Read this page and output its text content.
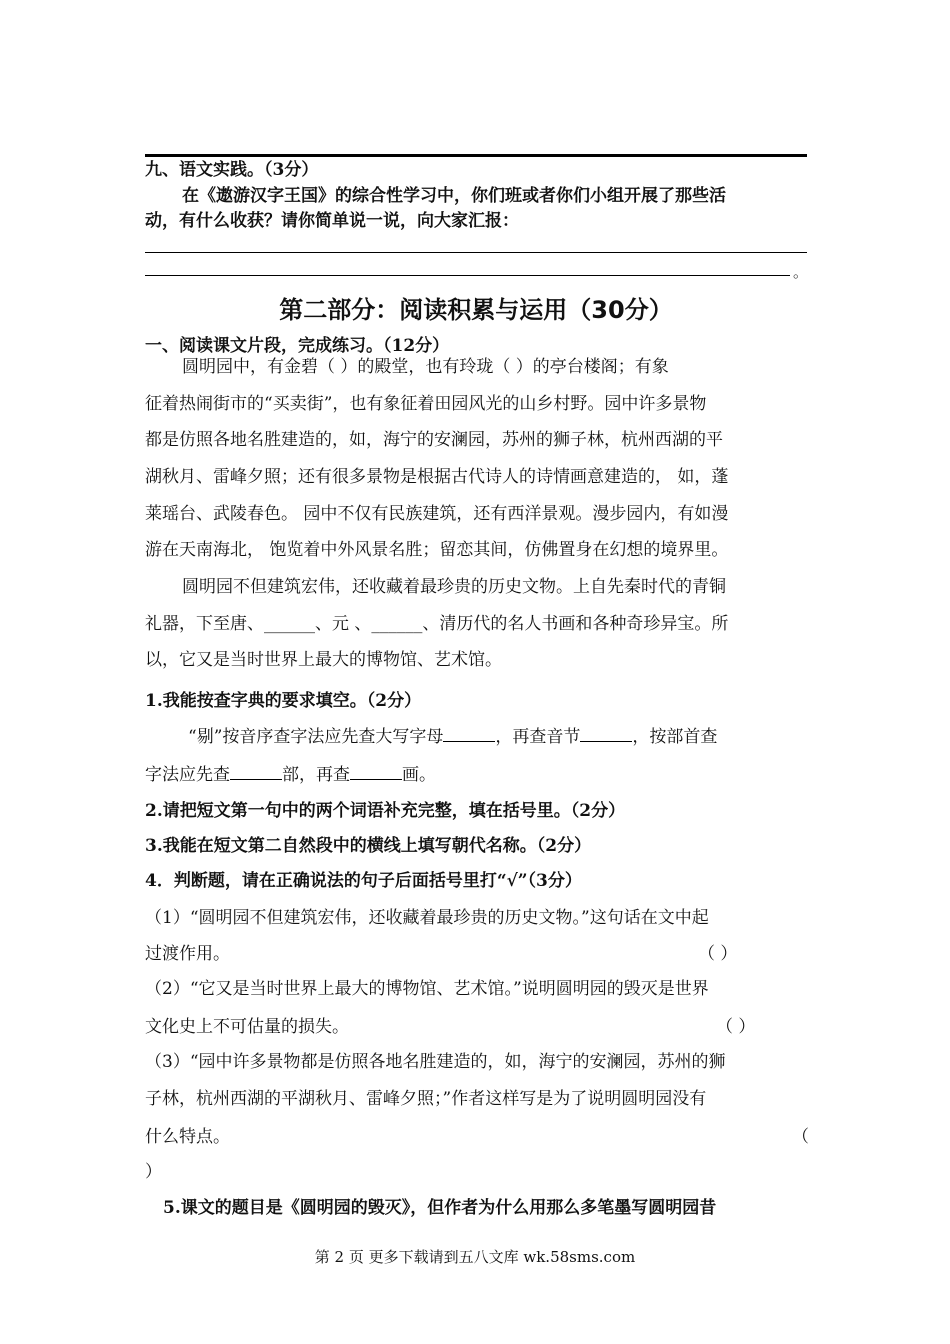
九、语文实践。（3分）
在《遨游汉字王国》的综合性学习中，你们班或者你们小组开展了那些活
动，有什么收获？请你简单说一说，向大家汇报：
。
第二部分：阅读积累与运用（30分）
一、阅读课文片段，完成练习。（12分）
圆明园中，有金碧（ ）的殿堂，也有玲珑（ ）的亭台楼阁；有象
征着热闹街市的“买卖街”，也有象征着田园风光的山乡村野。园中许多景物
都是仿照各地名胜建造的，如，海宁的安澜园，苏州的狮子林，杭州西湖的平
湖秋月、雷峰夕照；还有很多景物是根据古代诗人的诗情画意建造的， 如，蓬
莱瑶台、武陵春色。 园中不仅有民族建筑，还有西洋景观。漫步园内，有如漫
游在天南海北， 饱览着中外风景名胜；留恋其间，仿佛置身在幻想的境界里。
圆明园不但建筑宏伟，还收藏着最珍贵的历史文物。上自先秦时代的青铜
礼器，下至唐、______、元 、______、清历代的名人书画和各种奇珍异宝。所
以，它又是当时世界上最大的博物馆、艺术馆。
1.我能按查字典的要求填空。（2分）
“剔”按音序查字法应先查大写字母	，再查音节	，按部首查
字法应先查	部，再查	画。
2.请把短文第一句中的两个词语补充完整，填在括号里。（2分）
3.我能在短文第二自然段中的横线上填写朝代名称。（2分）
4．判断题，请在正确说法的句子后面括号里打“√”（3分）
（1）“圆明园不但建筑宏伟，还收藏着最珍贵的历史文物。”这句话在文中起
过渡作用。	（ ）
（2）“它又是当时世界上最大的博物馆、艺术馆。”说明圆明园的毁灭是世界
文化史上不可估量的损失。	（ ）
（3）“园中许多景物都是仿照各地名胜建造的，如，海宁的安澜园，苏州的狮
子林，杭州西湖的平湖秋月、雷峰夕照；”作者这样写是为了说明圆明园没有
什么特点。	（
）
5.课文的题目是《圆明园的毁灭》，但作者为什么用那么多笔墨写圆明园昔
第 2 页 更多下载请到五八文库 wk.58sms.com
